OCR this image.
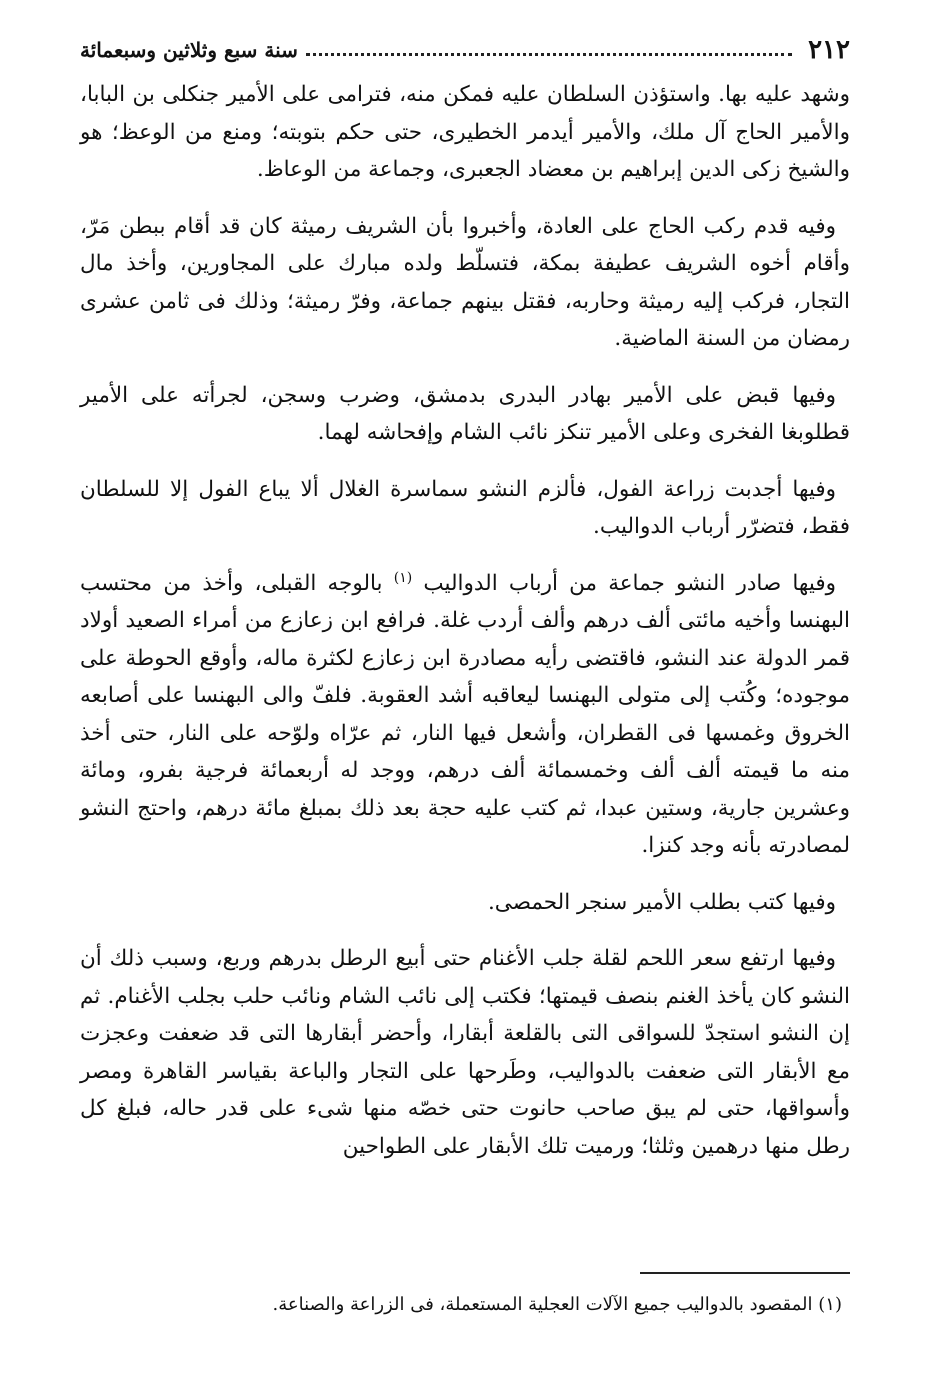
٢١٢
سنة سبع وثلاثين وسبعمائة

وشهد عليه بها. واستؤذن السلطان عليه فمكن منه، فترامى على الأمير جنكلى بن البابا، والأمير الحاج آل ملك، والأمير أيدمر الخطيرى، حتى حكم بتوبته؛ ومنع من الوعظ؛ هو والشيخ زكى الدين إبراهيم بن معضاد الجعبرى، وجماعة من الوعاظ.

وفيه قدم ركب الحاج على العادة، وأخبروا بأن الشريف رميثة كان قد أقام ببطن مَرّ، وأقام أخوه الشريف عطيفة بمكة، فتسلّط ولده مبارك على المجاورين، وأخذ مال التجار، فركب إليه رميثة وحاربه، فقتل بينهم جماعة، وفرّ رميثة؛ وذلك فى ثامن عشرى رمضان من السنة الماضية.

وفيها قبض على الأمير بهادر البدرى بدمشق، وضرب وسجن، لجرأته على الأمير قطلوبغا الفخرى وعلى الأمير تنكز نائب الشام وإفحاشه لهما.

وفيها أجدبت زراعة الفول، فألزم النشو سماسرة الغلال ألا يباع الفول إلا للسلطان فقط، فتضرّر أرباب الدواليب.

وفيها صادر النشو جماعة من أرباب الدواليب $^{(١)}$ بالوجه القبلى، وأخذ من محتسب البهنسا وأخيه مائتى ألف درهم وألف أردب غلة. فرافع ابن زعازع من أمراء الصعيد أولاد قمر الدولة عند النشو، فاقتضى رأيه مصادرة ابن زعازع لكثرة ماله، وأوقع الحوطة على موجوده؛ وكُتب إلى متولى البهنسا ليعاقبه أشد العقوبة. فلفّ والى البهنسا على أصابعه الخروق وغمسها فى القطران، وأشعل فيها النار، ثم عرّاه ولوّحه على النار، حتى أخذ منه ما قيمته ألف ألف وخمسمائة ألف درهم، ووجد له أربعمائة فرجية بفرو، ومائة وعشرين جارية، وستين عبدا، ثم كتب عليه حجة بعد ذلك بمبلغ مائة درهم، واحتج النشو لمصادرته بأنه وجد كنزا.

وفيها كتب بطلب الأمير سنجر الحمصى.

وفيها ارتفع سعر اللحم لقلة جلب الأغنام حتى أبيع الرطل بدرهم وربع، وسبب ذلك أن النشو كان يأخذ الغنم بنصف قيمتها؛ فكتب إلى نائب الشام ونائب حلب بجلب الأغنام. ثم إن النشو استجدّ للسواقى التى بالقلعة أبقارا، وأحضر أبقارها التى قد ضعفت وعجزت مع الأبقار التى ضعفت بالدواليب، وطَرحها على التجار والباعة بقياسر القاهرة ومصر وأسواقها، حتى لم يبق صاحب حانوت حتى خصّه منها شىء على قدر حاله، فبلغ كل رطل منها درهمين وثلثا؛ ورميت تلك الأبقار على الطواحين

(١) المقصود بالدواليب جميع الآلات العجلية المستعملة، فى الزراعة والصناعة.
